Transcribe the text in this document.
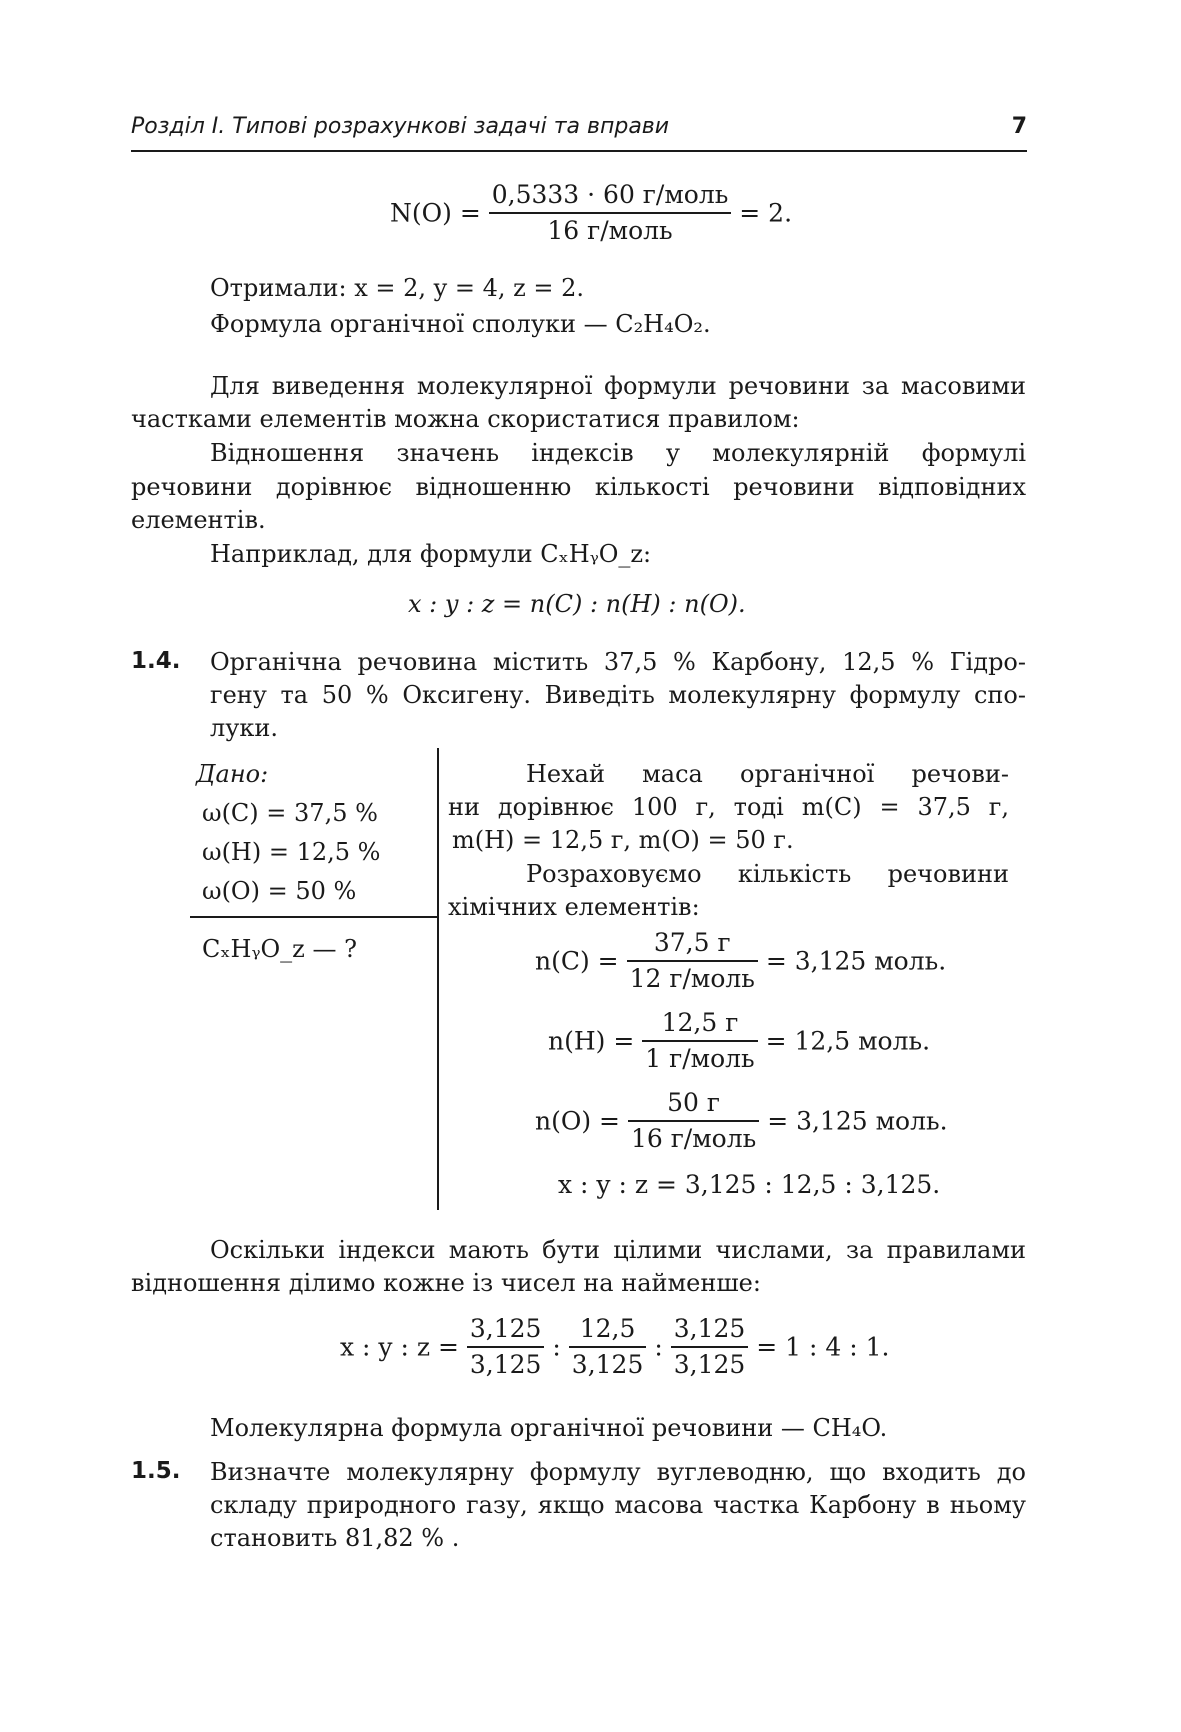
Розділ I. Типові розрахункові задачі та вправи	7
$N(O) = \frac{\text{0,5333 · 60 г/моль}}{\text{16 г/моль}} = 2$.
Отримали: x = 2, y = 4, z = 2.
Формула органічної сполуки — C₂H₄O₂.
Для виведення молекулярної формули речовини за масовими
частками елементів можна скористатися правилом:
Відношення значень індексів у молекулярній формулі
речовини дорівнює відношенню кількості речовини відповідних
елементів.
Наприклад, для формули CₓHᵧO_z:
x : y : z = n(C) : n(H) : n(O).
1.4. Органічна речовина містить 37,5 % Карбону, 12,5 % Гідро-
гену та 50 % Оксигену. Виведіть молекулярну формулу спо-
луки.
Дано:
ω(C) = 37,5 %
ω(H) = 12,5 %
ω(O) = 50 %
CₓHᵧO_z — ?
Нехай маса органічної речови-
ни дорівнює 100 г, тоді m(C) = 37,5 г,
m(H) = 12,5 г, m(O) = 50 г.
Розраховуємо кількість речовини
хімічних елементів:
$n(C) = \frac{37,5 г}{\text{12 г/моль}} = 3,125$ моль.
$n(H) = \frac{12,5 г}{\text{1 г/моль}} = 12,5$ моль.
$n(O) = \frac{50 г}{\text{16 г/моль}} = 3,125$ моль.
x : y : z = 3,125 : 12,5 : 3,125.
Оскільки індекси мають бути цілими числами, за правилами
відношення ділимо кожне із чисел на найменше:
x : y : $z = \frac{3,125}{3,125}$ : $\frac{12,5}{3,125}$ : $\frac{3,125}{3,125} = 1$ : 4 : 1.
Молекулярна формула органічної речовини — CH₄O.
1.5. Визначте молекулярну формулу вуглеводню, що входить до
складу природного газу, якщо масова частка Карбону в ньому
становить 81,82 % .
